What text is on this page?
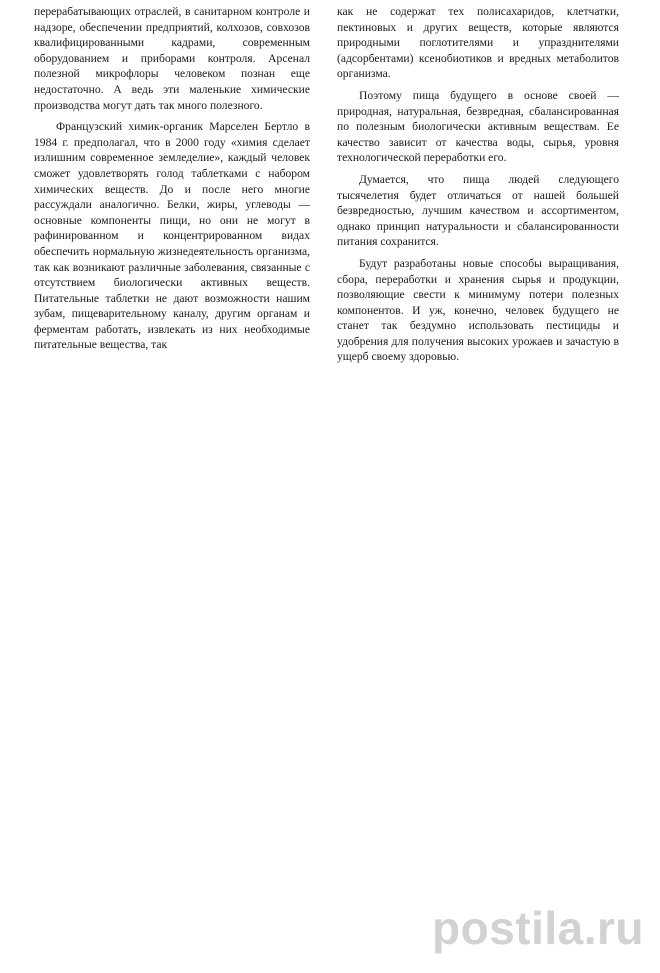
перерабатывающих отраслей, в санитарном контроле и надзоре, обеспечении предприятий, колхозов, совхозов квалифицированными кадрами, современным оборудованием и приборами контроля. Арсенал полезной микрофлоры человеком познан еще недостаточно. А ведь эти маленькие химические производства могут дать так много полезного.

Французский химик-органик Марселен Бертло в 1984 г. предполагал, что в 2000 году «химия сделает излишним современное земледелие», каждый человек сможет удовлетворять голод таблетками с набором химических веществ. До и после него многие рассуждали аналогично. Белки, жиры, углеводы — основные компоненты пищи, но они не могут в рафинированном и концентрированном видах обеспечить нормальную жизнедеятельность организма, так как возникают различные заболевания, связанные с отсутствием биологически активных веществ. Питательные таблетки не дают возможности нашим зубам, пищеварительному каналу, другим органам и ферментам работать, извлекать из них необходимые питательные вещества, так

как не содержат тех полисахаридов, клетчатки, пектиновых и других веществ, которые являются природными поглотителями и упразднителями (адсорбентами) ксенобиотиков и вредных метаболитов организма.

Поэтому пища будущего в основе своей — природная, натуральная, безвредная, сбалансированная по полезным биологически активным веществам. Ее качество зависит от качества воды, сырья, уровня технологической переработки его.

Думается, что пища людей следующего тысячелетия будет отличаться от нашей большей безвредностью, лучшим качеством и ассортиментом, однако принцип натуральности и сбалансированности питания сохранится.

Будут разработаны новые способы выращивания, сбора, переработки и хранения сырья и продукции, позволяющие свести к минимуму потери полезных компонентов. И уж, конечно, человек будущего не станет так бездумно использовать пестициды и удобрения для получения высоких урожаев и зачастую в ущерб своему здоровью.

postila.ru
